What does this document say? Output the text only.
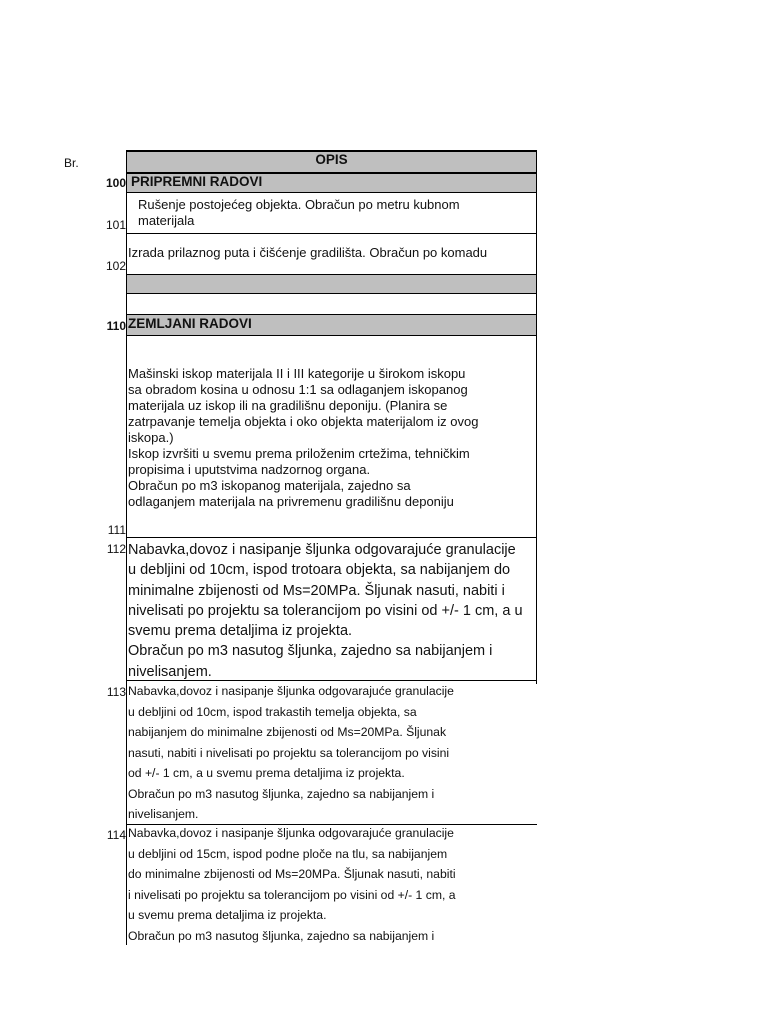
Br.	OPIS
100
101
102
110
111
112
113
114
PRIPREMNI RADOVI
Rušenje postojećeg objekta. Obračun po metru kubnom
materijala
Izrada prilaznog puta i čišćenje gradilišta. Obračun po komadu
ZEMLJANI RADOVI
Mašinski iskop materijala II i III kategorije u širokom iskopu
sa obradom kosina u odnosu 1:1 sa odlaganjem iskopanog
materijala uz iskop ili na gradilišnu deponiju. (Planira se
zatrpavanje temelja objekta i oko objekta materijalom iz ovog
iskopa.)
Iskop izvršiti u svemu prema priloženim crtežima, tehničkim
propisima i uputstvima nadzornog organa.
Obračun po m3 iskopanog materijala, zajedno sa
odlaganjem materijala na privremenu gradilišnu deponiju
Nabavka,dovoz i nasipanje šljunka odgovarajuće granulacije
u debljini od 10cm, ispod trotoara objekta, sa nabijanjem do
minimalne zbijenosti od Ms=20MPa. Šljunak nasuti, nabiti i
nivelisati po projektu sa tolerancijom po visini od +/- 1 cm, a u
svemu prema detaljima iz projekta.
Obračun po m3 nasutog šljunka, zajedno sa nabijanjem i
nivelisanjem.
Nabavka,dovoz i nasipanje šljunka odgovarajuće granulacije
u debljini od 10cm, ispod trakastih temelja objekta, sa
nabijanjem do minimalne zbijenosti od Ms=20MPa. Šljunak
nasuti, nabiti i nivelisati po projektu sa tolerancijom po visini
od +/- 1 cm, a u svemu prema detaljima iz projekta.
Obračun po m3 nasutog šljunka, zajedno sa nabijanjem i
nivelisanjem.
Nabavka,dovoz i nasipanje šljunka odgovarajuće granulacije
u debljini od 15cm, ispod podne ploče na tlu, sa nabijanjem
do minimalne zbijenosti od Ms=20MPa. Šljunak nasuti, nabiti
i nivelisati po projektu sa tolerancijom po visini od +/- 1 cm, a
u svemu prema detaljima iz projekta.
Obračun po m3 nasutog šljunka, zajedno sa nabijanjem i
